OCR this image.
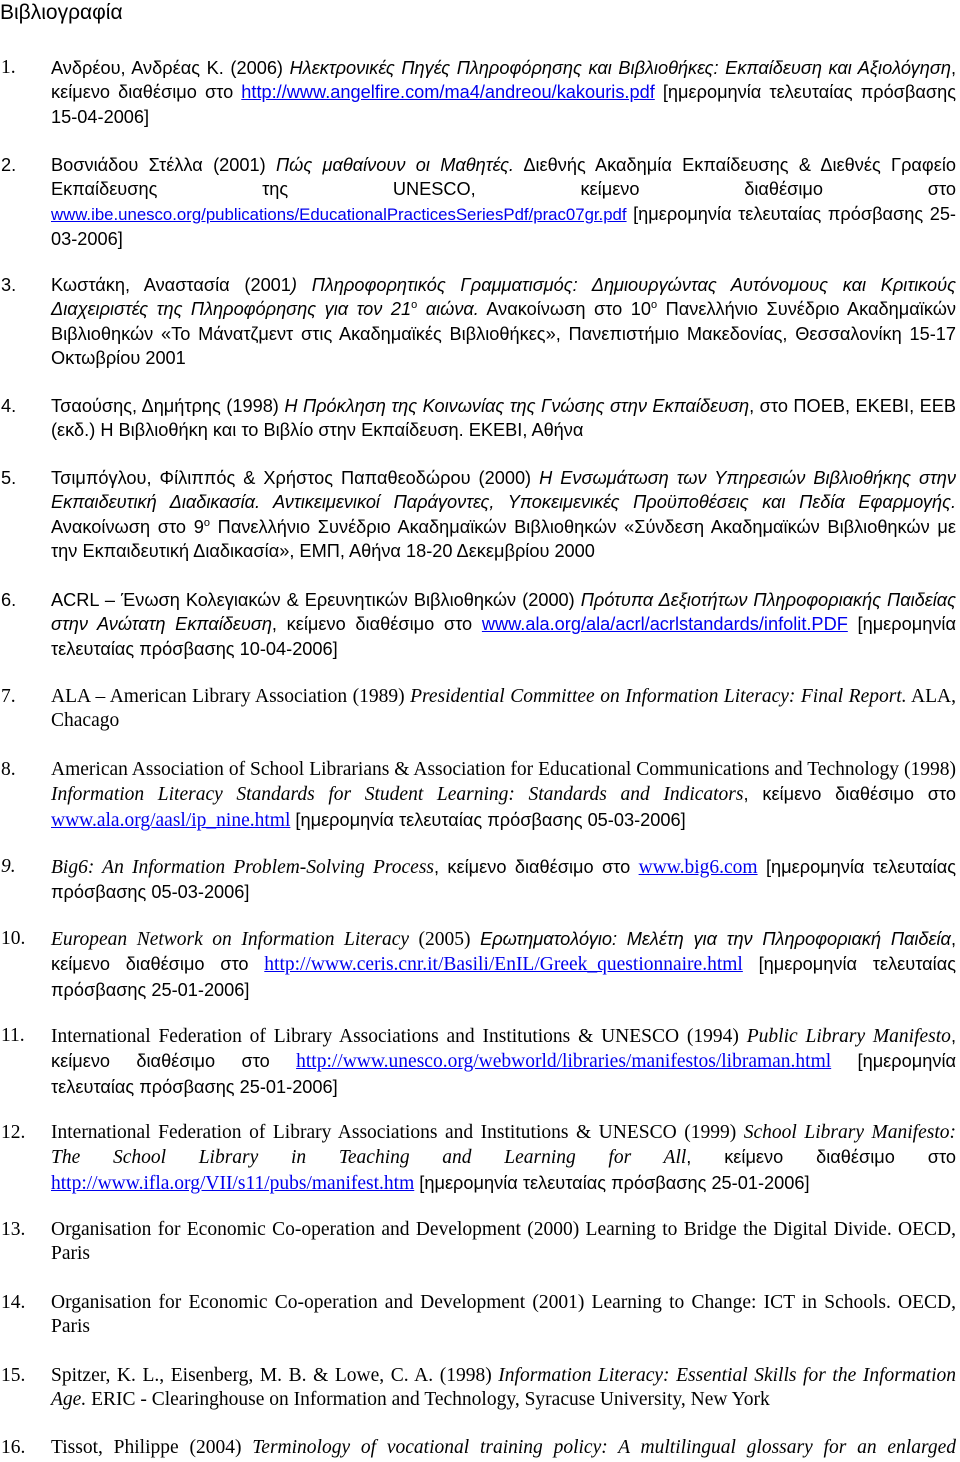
Βιβλιογραφία
1. Ανδρέου, Ανδρέας Κ. (2006) Ηλεκτρονικές Πηγές Πληροφόρησης και Βιβλιοθήκες: Εκπαίδευση και Αξιολόγηση, κείμενο διαθέσιμο στο http://www.angelfire.com/ma4/andreou/kakouris.pdf [ημερομηνία τελευταίας πρόσβασης 15-04-2006]
2. Βοσνιάδου Στέλλα (2001) Πώς μαθαίνουν οι Μαθητές. Διεθνής Ακαδημία Εκπαίδευσης & Διεθνές Γραφείο Εκπαίδευσης της UNESCO, κείμενο διαθέσιμο στο www.ibe.unesco.org/publications/EducationalPracticesSeriesPdf/prac07gr.pdf [ημερομηνία τελευταίας πρόσβασης 25-03-2006]
3. Κωστάκη, Αναστασία (2001) Πληροφορητικός Γραμματισμός: Δημιουργώντας Αυτόνομους και Κριτικούς Διαχειριστές της Πληροφόρησης για τον $21^o$ αιώνα. Ανακοίνωση στο $10^o$ Πανελλήνιο Συνέδριο Ακαδημαϊκών Βιβλιοθηκών «Το Μάνατζμεντ στις Ακαδημαϊκές Βιβλιοθήκες», Πανεπιστήμιο Μακεδονίας, Θεσσαλονίκη 15-17 Οκτωβρίου 2001
4. Τσαούσης, Δημήτρης (1998) Η Πρόκληση της Κοινωνίας της Γνώσης στην Εκπαίδευση, στο ΠΟΕΒ, ΕΚΕΒΙ, ΕΕΒ (εκδ.) Η Βιβλιοθήκη και το Βιβλίο στην Εκπαίδευση. ΕΚΕΒΙ, Αθήνα
5. Τσιμπόγλου, Φίλιππός & Χρήστος Παπαθεοδώρου (2000) Η Ενσωμάτωση των Υπηρεσιών Βιβλιοθήκης στην Εκπαιδευτική Διαδικασία. Αντικειμενικοί Παράγοντες, Υποκειμενικές Προϋποθέσεις και Πεδία Εφαρμογής. Ανακοίνωση στο $9^o$ Πανελλήνιο Συνέδριο Ακαδημαϊκών Βιβλιοθηκών «Σύνδεση Ακαδημαϊκών Βιβλιοθηκών με την Εκπαιδευτική Διαδικασία», ΕΜΠ, Αθήνα 18-20 Δεκεμβρίου 2000
6. ACRL – Ένωση Κολεγιακών & Ερευνητικών Βιβλιοθηκών (2000) Πρότυπα Δεξιοτήτων Πληροφοριακής Παιδείας στην Ανώτατη Εκπαίδευση, κείμενο διαθέσιμο στο www.ala.org/ala/acrl/acrlstandards/infolit.PDF [ημερομηνία τελευταίας πρόσβασης 10-04-2006]
7. ALA – American Library Association (1989) Presidential Committee on Information Literacy: Final Report. ALA, Chacago
8. American Association of School Librarians & Association for Educational Communications and Technology (1998) Information Literacy Standards for Student Learning: Standards and Indicators, κείμενο διαθέσιμο στο www.ala.org/aasl/ip_nine.html [ημερομηνία τελευταίας πρόσβασης 05-03-2006]
9. Big6: An Information Problem-Solving Process, κείμενο διαθέσιμο στο www.big6.com [ημερομηνία τελευταίας πρόσβασης 05-03-2006]
10. European Network on Information Literacy (2005) Ερωτηματολόγιο: Μελέτη για την Πληροφοριακή Παιδεία, κείμενο διαθέσιμο στο http://www.ceris.cnr.it/Basili/EnIL/Greek_questionnaire.html [ημερομηνία τελευταίας πρόσβασης 25-01-2006]
11. International Federation of Library Associations and Institutions & UNESCO (1994) Public Library Manifesto, κείμενο διαθέσιμο στο http://www.unesco.org/webworld/libraries/manifestos/libraman.html [ημερομηνία τελευταίας πρόσβασης 25-01-2006]
12. International Federation of Library Associations and Institutions & UNESCO (1999) School Library Manifesto: The School Library in Teaching and Learning for All, κείμενο διαθέσιμο στο http://www.ifla.org/VII/s11/pubs/manifest.htm [ημερομηνία τελευταίας πρόσβασης 25-01-2006]
13. Organisation for Economic Co-operation and Development (2000) Learning to Bridge the Digital Divide. OECD, Paris
14. Organisation for Economic Co-operation and Development (2001) Learning to Change: ICT in Schools. OECD, Paris
15. Spitzer, K. L., Eisenberg, M. B. & Lowe, C. A. (1998) Information Literacy: Essential Skills for the Information Age. ERIC - Clearinghouse on Information and Technology, Syracuse University, New York
16. Tissot, Philippe (2004) Terminology of vocational training policy: A multilingual glossary for an enlarged
